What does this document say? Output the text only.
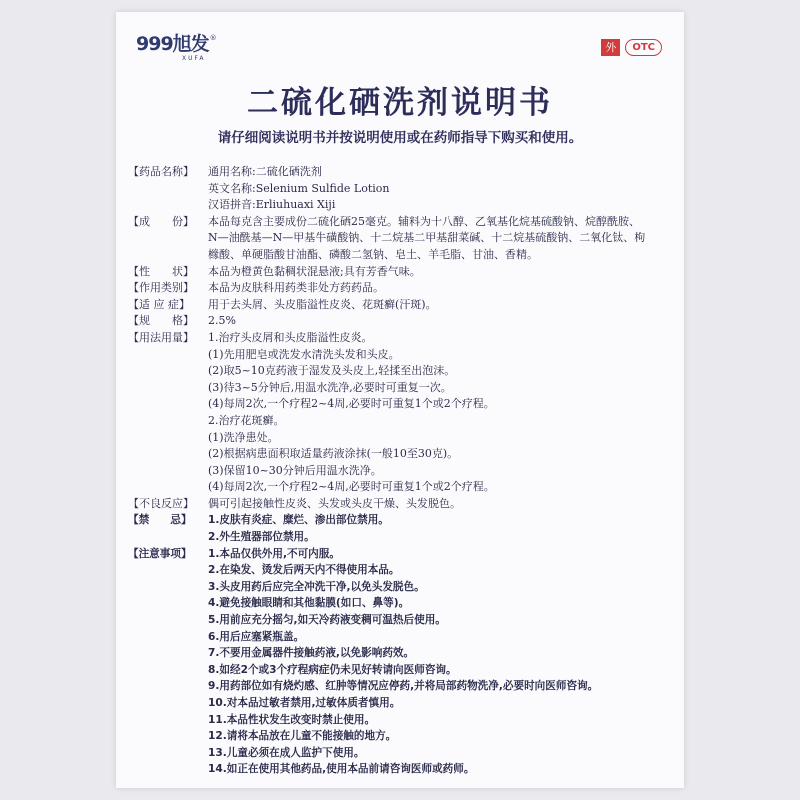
999旭发 ®
XUFA
外	OTC
二硫化硒洗剂说明书
请仔细阅读说明书并按说明使用或在药师指导下购买和使用。
【药品名称】	通用名称:二硫化硒洗剂
英文名称:Selenium Sulfide Lotion
汉语拼音:Erliuhuaxi Xiji
【成　　份】	本品每克含主要成份二硫化硒25毫克。辅料为十八醇、乙氧基化烷基硫酸钠、烷醇酰胺、
N—油酰基—N—甲基牛磺酸钠、十二烷基二甲基甜菜碱、十二烷基硫酸钠、二氧化钛、枸
橼酸、单硬脂酸甘油酯、磷酸二氢钠、皂土、羊毛脂、甘油、香精。
【性　　状】	本品为橙黄色黏稠状混悬液;具有芳香气味。
【作用类别】	本品为皮肤科用药类非处方药药品。
【适 应 症】	用于去头屑、头皮脂溢性皮炎、花斑癣(汗斑)。
【规　　格】	2.5%
【用法用量】	1.治疗头皮屑和头皮脂溢性皮炎。
(1)先用肥皂或洗发水清洗头发和头皮。
(2)取5~10克药液于湿发及头皮上,轻揉至出泡沫。
(3)待3~5分钟后,用温水洗净,必要时可重复一次。
(4)每周2次,一个疗程2~4周,必要时可重复1个或2个疗程。
2.治疗花斑癣。
(1)洗净患处。
(2)根据病患面积取适量药液涂抹(一般10至30克)。
(3)保留10~30分钟后用温水洗净。
(4)每周2次,一个疗程2~4周,必要时可重复1个或2个疗程。
【不良反应】	偶可引起接触性皮炎、头发或头皮干燥、头发脱色。
【禁　　忌】	1.皮肤有炎症、糜烂、渗出部位禁用。
2.外生殖器部位禁用。
【注意事项】	1.本品仅供外用,不可内服。
2.在染发、烫发后两天内不得使用本品。
3.头皮用药后应完全冲洗干净,以免头发脱色。
4.避免接触眼睛和其他黏膜(如口、鼻等)。
5.用前应充分摇匀,如天冷药液变稠可温热后使用。
6.用后应塞紧瓶盖。
7.不要用金属器件接触药液,以免影响药效。
8.如经2个或3个疗程病症仍未见好转请向医师咨询。
9.用药部位如有烧灼感、红肿等情况应停药,并将局部药物洗净,必要时向医师咨询。
10.对本品过敏者禁用,过敏体质者慎用。
11.本品性状发生改变时禁止使用。
12.请将本品放在儿童不能接触的地方。
13.儿童必须在成人监护下使用。
14.如正在使用其他药品,使用本品前请咨询医师或药师。
